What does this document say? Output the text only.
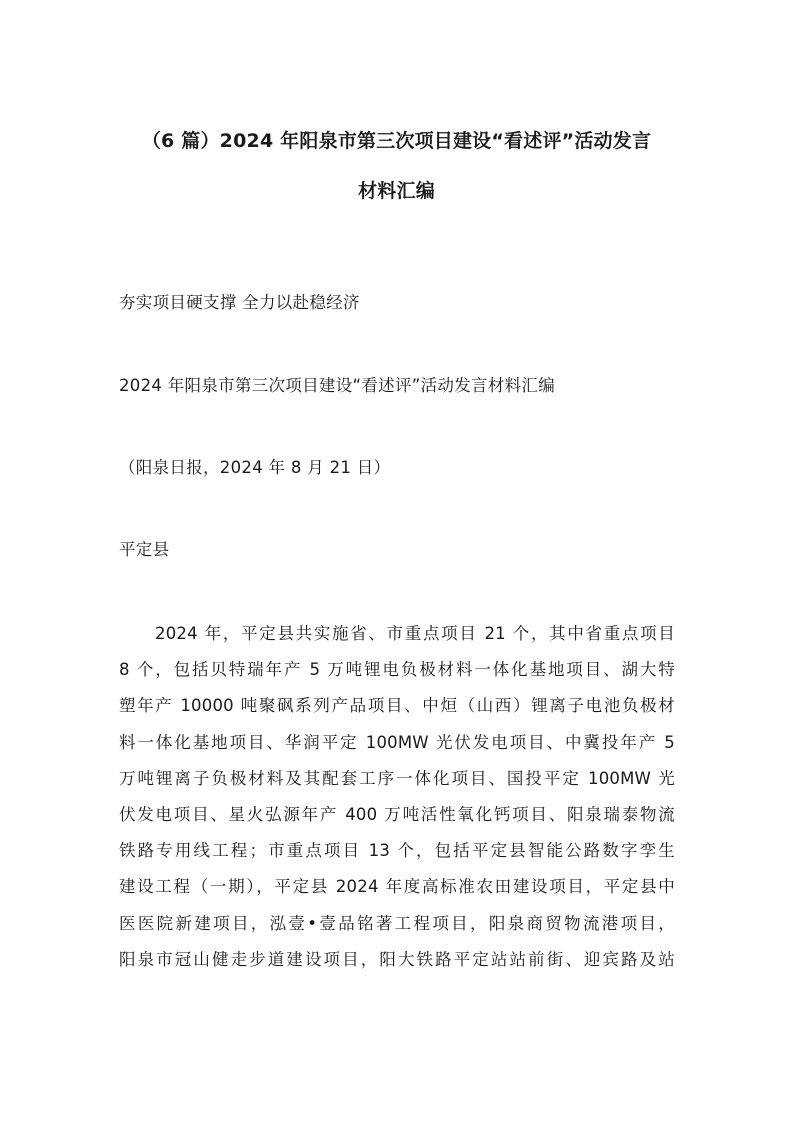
（6 篇）2024 年阳泉市第三次项目建设“看述评”活动发言
材料汇编
夯实项目硬支撑 全力以赴稳经济
2024 年阳泉市第三次项目建设“看述评”活动发言材料汇编
（阳泉日报，2024 年 8 月 21 日）
平定县
2024 年，平定县共实施省、市重点项目 21 个，其中省重点项目
8 个，包括贝特瑞年产 5 万吨锂电负极材料一体化基地项目、湖大特
塑年产 10000 吨聚砜系列产品项目、中烜（山西）锂离子电池负极材
料一体化基地项目、华润平定 100MW 光伏发电项目、中冀投年产 5
万吨锂离子负极材料及其配套工序一体化项目、国投平定 100MW 光
伏发电项目、星火弘源年产 400 万吨活性氧化钙项目、阳泉瑞泰物流
铁路专用线工程；市重点项目 13 个，包括平定县智能公路数字孪生
建设工程（一期），平定县 2024 年度高标准农田建设项目，平定县中
医医院新建项目，泓壹•壹品铭著工程项目，阳泉商贸物流港项目，
阳泉市冠山健走步道建设项目，阳大铁路平定站站前街、迎宾路及站
